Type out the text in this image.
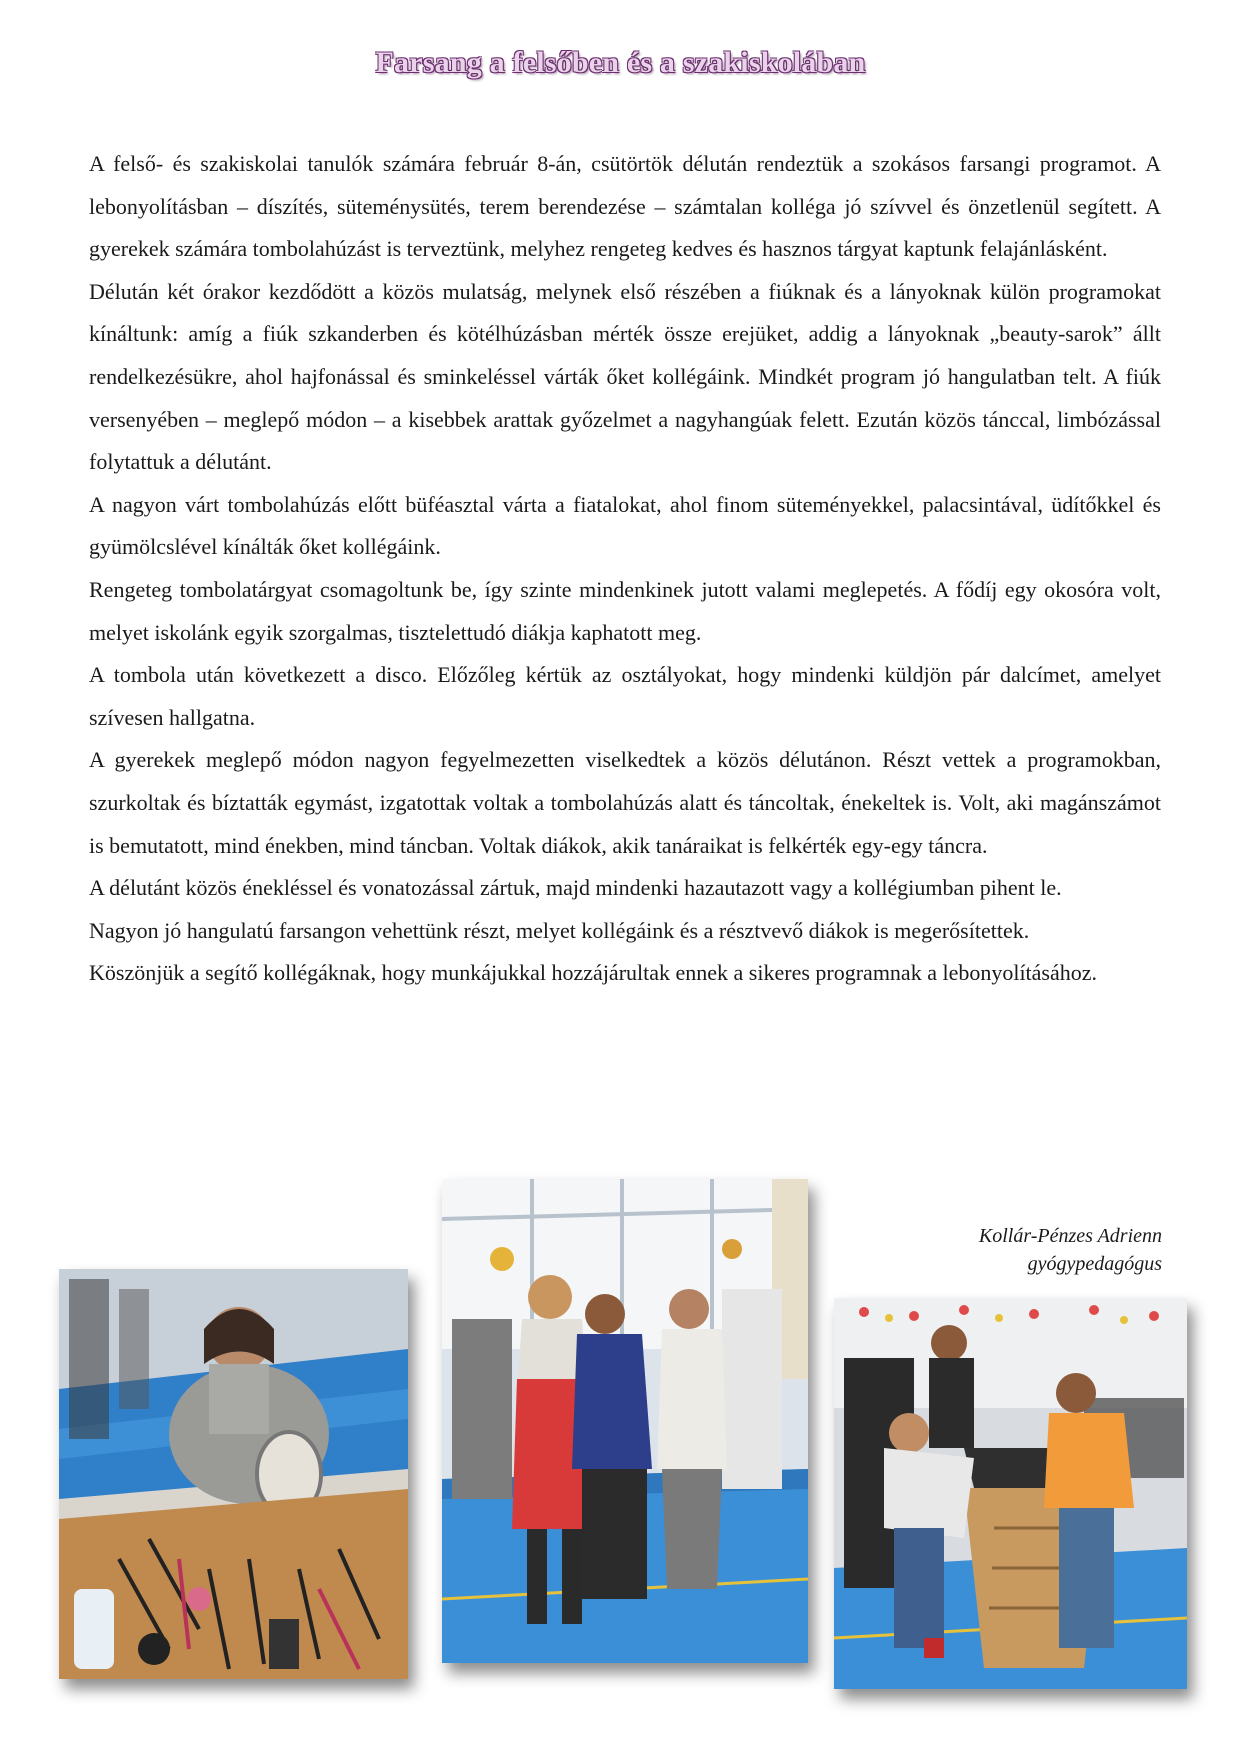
Farsang a felsőben és a szakiskolában

A felső- és szakiskolai tanulók számára február 8-án, csütörtök délután rendeztük a szokásos farsangi programot. A lebonyolításban – díszítés, süteménysütés, terem berendezése – számtalan kolléga jó szívvel és önzetlenül segített. A gyerekek számára tombolahúzást is terveztünk, melyhez rengeteg kedves és hasznos tárgyat kaptunk felajánlásként.

Délután két órakor kezdődött a közös mulatság, melynek első részében a fiúknak és a lányoknak külön programokat kínáltunk: amíg a fiúk szkanderben és kötélhúzásban mérték össze erejüket, addig a lányoknak „beauty-sarok” állt rendelkezésükre, ahol hajfonással és sminkeléssel várták őket kollégáink. Mindkét program jó hangulatban telt. A fiúk versenyében – meglepő módon – a kisebbek arattak győzelmet a nagyhangúak felett. Ezután közös tánccal, limbózással folytattuk a délutánt.

A nagyon várt tombolahúzás előtt büféasztal várta a fiatalokat, ahol finom süteményekkel, palacsintával, üdítőkkel és gyümölcslével kínálták őket kollégáink.

Rengeteg tombolatárgyat csomagoltunk be, így szinte mindenkinek jutott valami meglepetés. A fődíj egy okosóra volt, melyet iskolánk egyik szorgalmas, tisztelettudó diákja kaphatott meg.

A tombola után következett a disco. Előzőleg kértük az osztályokat, hogy mindenki küldjön pár dalcímet, amelyet szívesen hallgatna.

A gyerekek meglepő módon nagyon fegyelmezetten viselkedtek a közös délutánon. Részt vettek a programokban, szurkoltak és bíztatták egymást, izgatottak voltak a tombolahúzás alatt és táncoltak, énekeltek is. Volt, aki magánszámot is bemutatott, mind énekben, mind táncban. Voltak diákok, akik tanáraikat is felkérték egy-egy táncra.

A délutánt közös énekléssel és vonatozással zártuk, majd mindenki hazautazott vagy a kollégiumban pihent le.

Nagyon jó hangulatú farsangon vehettünk részt, melyet kollégáink és a résztvevő diákok is megerősítettek.

Köszönjük a segítő kollégáknak, hogy munkájukkal hozzájárultak ennek a sikeres programnak a lebonyolításához.

Kollár-Pénzes Adrienn
gyógypedagógus
